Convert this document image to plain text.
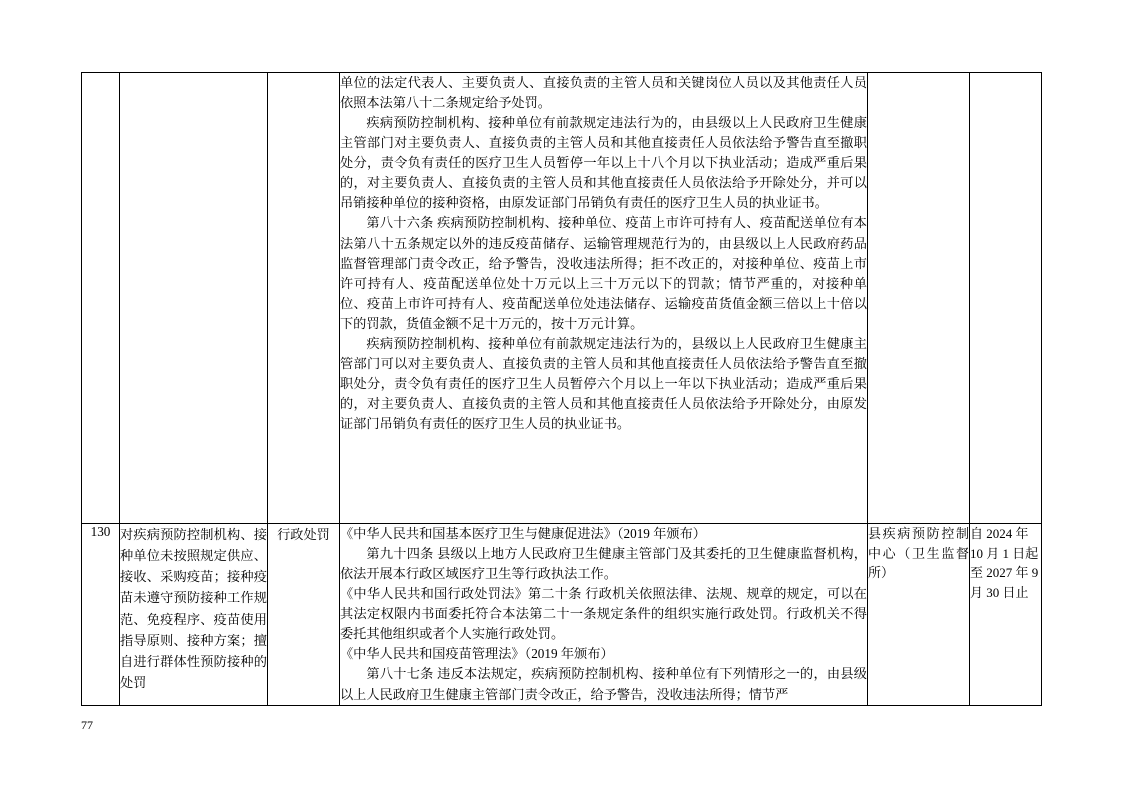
			单位的法定代表人、主要负责人、直接负责的主管人员和关键岗位人员以及其他责任人员依照本法第八十二条规定给予处罚。

疾病预防控制机构、接种单位有前款规定违法行为的，由县级以上人民政府卫生健康主管部门对主要负责人、直接负责的主管人员和其他直接责任人员依法给予警告直至撤职处分，责令负有责任的医疗卫生人员暂停一年以上十八个月以下执业活动；造成严重后果的，对主要负责人、直接负责的主管人员和其他直接责任人员依法给予开除处分，并可以吊销接种单位的接种资格，由原发证部门吊销负有责任的医疗卫生人员的执业证书。

第八十六条 疾病预防控制机构、接种单位、疫苗上市许可持有人、疫苗配送单位有本法第八十五条规定以外的违反疫苗储存、运输管理规范行为的，由县级以上人民政府药品监督管理部门责令改正，给予警告，没收违法所得；拒不改正的，对接种单位、疫苗上市许可持有人、疫苗配送单位处十万元以上三十万元以下的罚款；情节严重的，对接种单位、疫苗上市许可持有人、疫苗配送单位处违法储存、运输疫苗货值金额三倍以上十倍以下的罚款，货值金额不足十万元的，按十万元计算。

疾病预防控制机构、接种单位有前款规定违法行为的，县级以上人民政府卫生健康主管部门可以对主要负责人、直接负责的主管人员和其他直接责任人员依法给予警告直至撤职处分，责令负有责任的医疗卫生人员暂停六个月以上一年以下执业活动；造成严重后果的，对主要负责人、直接负责的主管人员和其他直接责任人员依法给予开除处分，由原发证部门吊销负有责任的医疗卫生人员的执业证书。		

130	对疾病预防控制机构、接种单位未按照规定供应、接收、采购疫苗；接种疫苗未遵守预防接种工作规范、免疫程序、疫苗使用指导原则、接种方案；擅自进行群体性预防接种的处罚	行政处罚	《中华人民共和国基本医疗卫生与健康促进法》（2019 年颁布）

第九十四条 县级以上地方人民政府卫生健康主管部门及其委托的卫生健康监督机构，依法开展本行政区域医疗卫生等行政执法工作。

《中华人民共和国行政处罚法》第二十条 行政机关依照法律、法规、规章的规定，可以在其法定权限内书面委托符合本法第二十一条规定条件的组织实施行政处罚。行政机关不得委托其他组织或者个人实施行政处罚。

《中华人民共和国疫苗管理法》（2019 年颁布）

第八十七条 违反本法规定，疾病预防控制机构、接种单位有下列情形之一的，由县级以上人民政府卫生健康主管部门责令改正，给予警告，没收违法所得；情节严	县疾病预防控制中心（卫生监督所）	自 2024 年 10 月 1 日起至 2027 年 9 月 30 日止
77
